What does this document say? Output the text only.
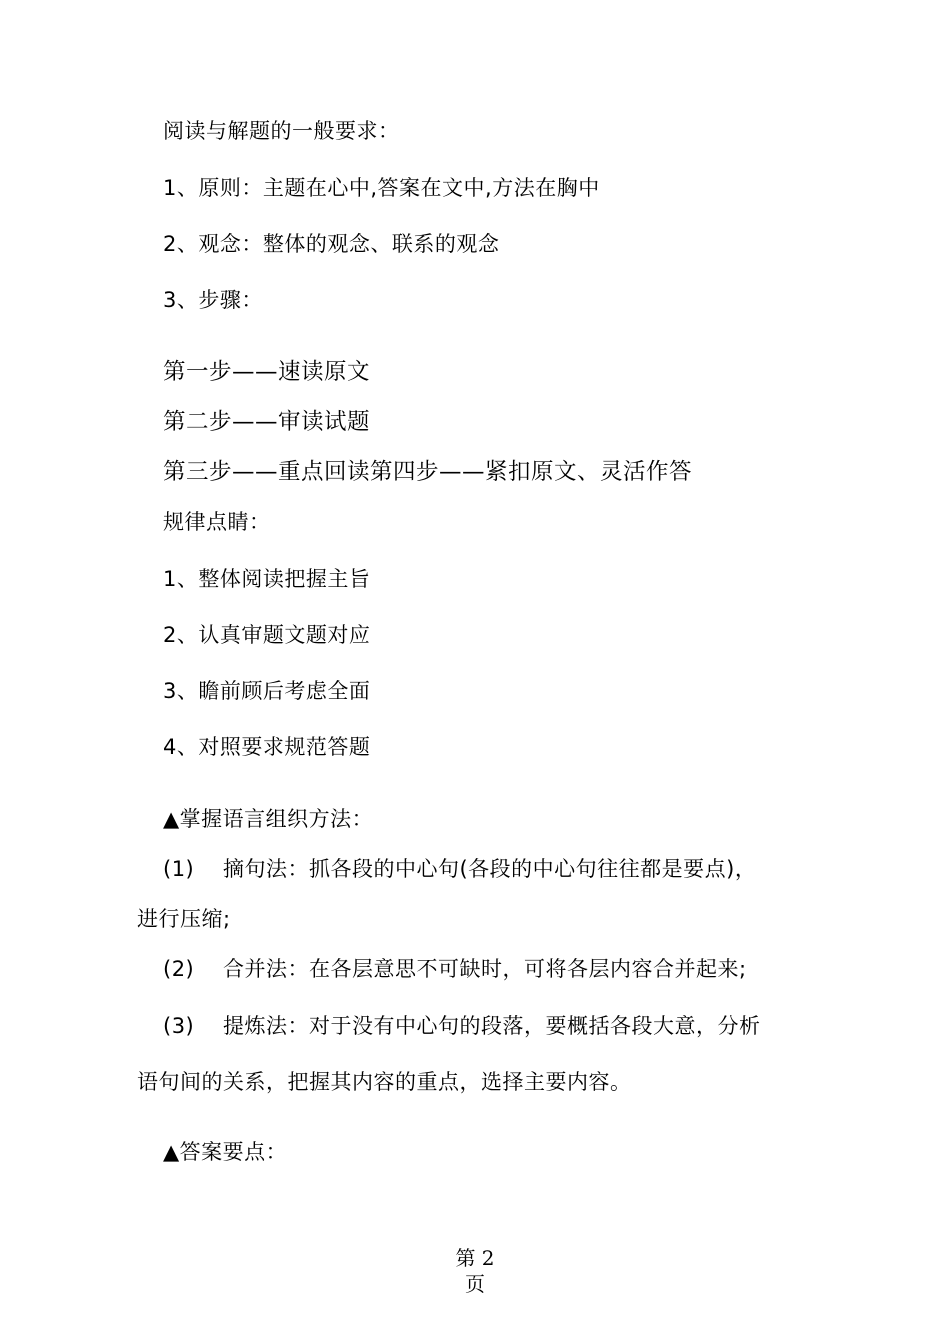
阅读与解题的一般要求：
1、原则：主题在心中,答案在文中,方法在胸中
2、观念：整体的观念、联系的观念
3、步骤：
第一步——速读原文
第二步——审读试题
第三步——重点回读第四步——紧扣原文、灵活作答
规律点睛：
1、整体阅读把握主旨
2、认真审题文题对应
3、瞻前顾后考虑全面
4、对照要求规范答题
▲掌握语言组织方法：
(1)    摘句法：抓各段的中心句(各段的中心句往往都是要点)，
进行压缩;
(2)    合并法：在各层意思不可缺时，可将各层内容合并起来;
(3)    提炼法：对于没有中心句的段落，要概括各段大意，分析
语句间的关系，把握其内容的重点，选择主要内容。
▲答案要点：
第 2
页
